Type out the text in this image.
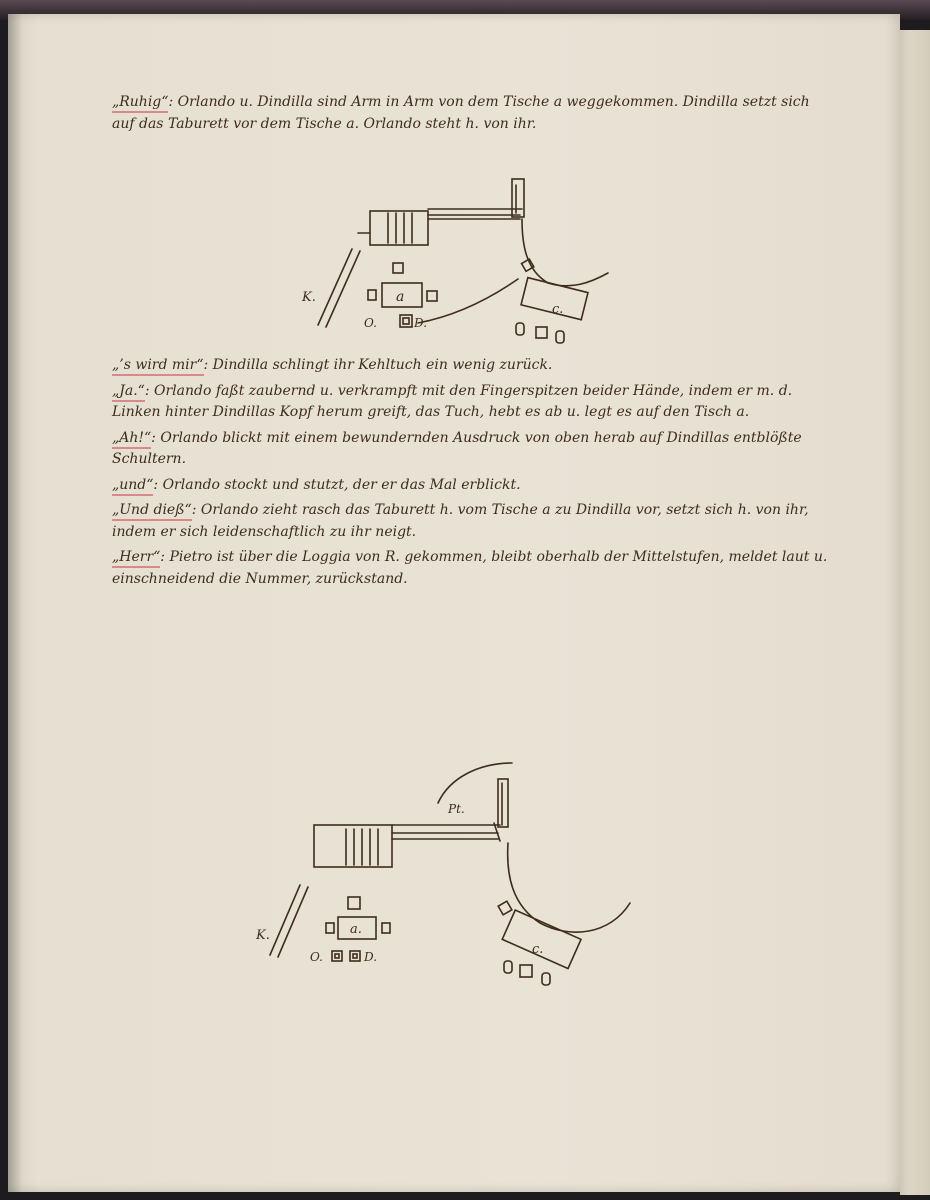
„Ruhig“: Orlando u. Dindilla sind Arm in Arm von dem Tische a weggekommen. Dindilla setzt sich auf das Taburett vor dem Tische a. Orlando steht h. von ihr.

K.	a
O.	D.
c.

„’s wird mir“: Dindilla schlingt ihr Kehltuch ein wenig zurück.

„Ja.“: Orlando faßt zaubernd u. verkrampft mit den Fingerspitzen beider Hände, indem er m. d. Linken hinter Dindillas Kopf herum greift, das Tuch, hebt es ab u. legt es auf den Tisch a.

„Ah!“: Orlando blickt mit einem bewundernden Ausdruck von oben herab auf Dindillas entblößte Schultern.

„und“: Orlando stockt und stutzt, der er das Mal erblickt.

„Und dieß“: Orlando zieht rasch das Taburett h. vom Tische a zu Dindilla vor, setzt sich h. von ihr, indem er sich leidenschaftlich zu ihr neigt.

„Herr“: Pietro ist über die Loggia von R. gekommen, bleibt oberhalb der Mittelstufen, meldet laut u. einschneidend die Nummer, zurückstand.

Pt.
K.	a.
O.	D.	c.
